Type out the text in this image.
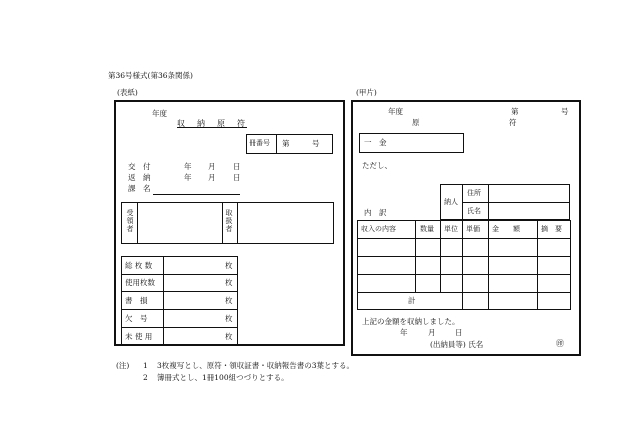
第36号様式(第36条関係)
(表紙)	(甲片)
年度
収　納　原　符
冊番号 第　　　号
交　付	年 月 日
返　納	年 月 日
課　名
受領者	取扱者
総 枚 数	枚
使用枚数	枚
書　損	枚
欠　号	枚
未 使 用	枚
年度	第	号
原	符
一　金
ただし、
納人
住所
氏名
内　訳
収入の内容	数量 単位 単価 金　　額	摘　要
計
上記の金額を収納しました。
年	月	日
(出納員等) 氏名	㊞
(注) 1 3枚複写とし、原符・領収証書・収納報告書の3葉とする。
2 簿冊式とし、1冊100組つづりとする。
